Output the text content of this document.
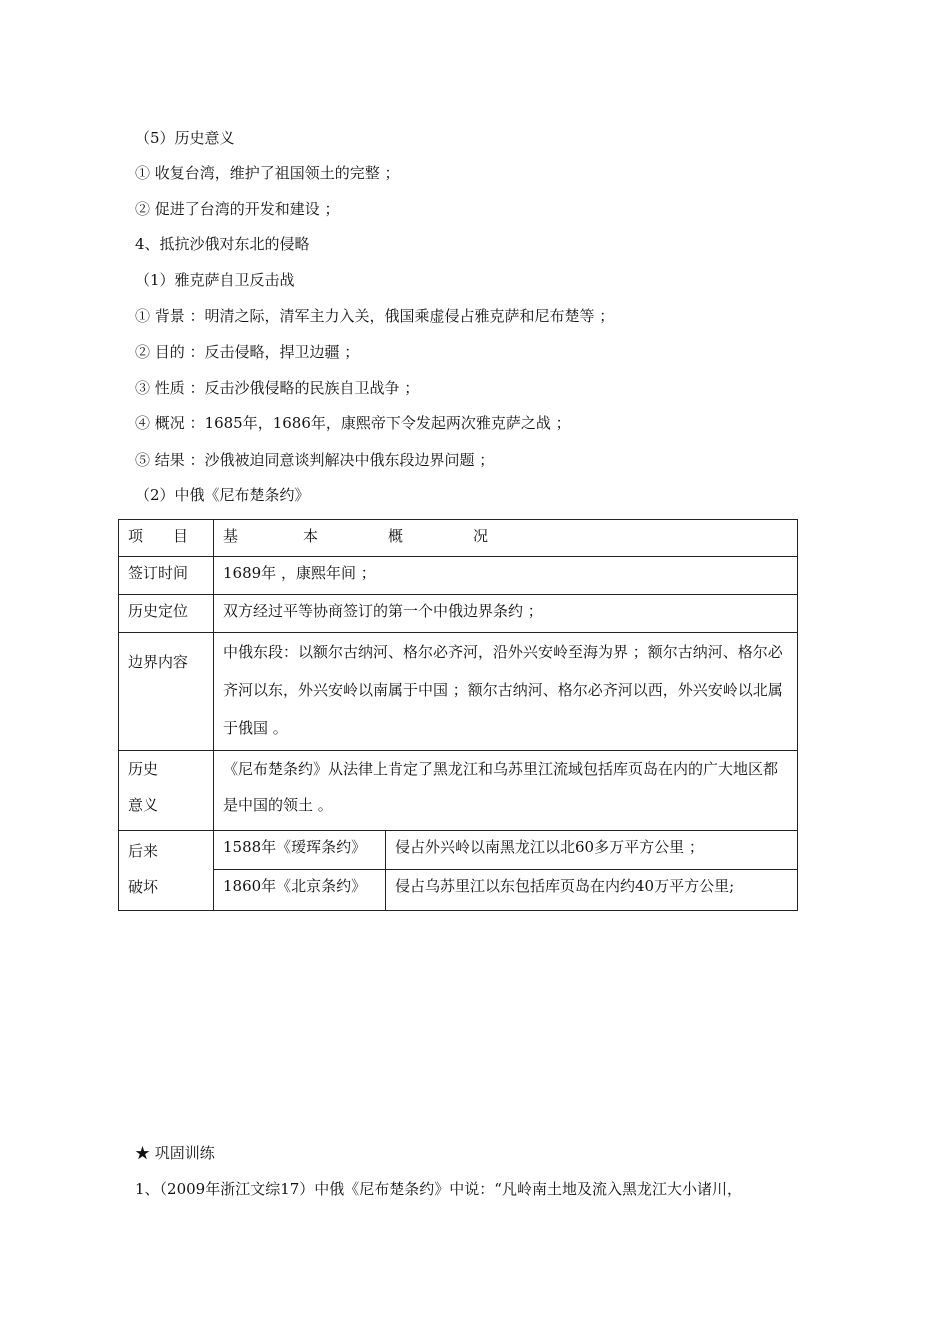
（5）历史意义
① 收复台湾，维护了祖国领土的完整 ；
② 促进了台湾的开发和建设 ；
4、抵抗沙俄对东北的侵略
（1）雅克萨自卫反击战
① 背景 ：明清之际，清军主力入关，俄国乘虚侵占雅克萨和尼布楚等 ；
② 目的 ：反击侵略，捍卫边疆 ；
③ 性质 ：反击沙俄侵略的民族自卫战争 ；
④ 概况 ：1685年，1686年，康熙帝下令发起两次雅克萨之战 ；
⑤ 结果 ：沙俄被迫同意谈判解决中俄东段边界问题 ；
（2）中俄《尼布楚条约》
项　　目	基 本 概 况	
签订时间	1689年 ，康熙年间 ；	
历史定位	双方经过平等协商签订的第一个中俄边界条约 ；	
边界内容	中俄东段：以额尔古纳河、格尔必齐河，沿外兴安岭至海为界 ；额尔古纳河、格尔必齐河以东，外兴安岭以南属于中国 ；额尔古纳河、格尔必齐河以西，外兴安岭以北属于俄国 。	

历史
意义	《尼布楚条约》从法律上肯定了黑龙江和乌苏里江流域包括库页岛在内的广大地区都是中国的领土 。	

后来
破坏	1588年《瑷珲条约》	侵占外兴岭以南黑龙江以北60多万平方公里 ；
	1860年《北京条约》	侵占乌苏里江以东包括库页岛在内约40万平方公里;
★ 巩固训练
1、（2009年浙江文综17）中俄《尼布楚条约》中说：“凡岭南土地及流入黑龙江大小诸川，
